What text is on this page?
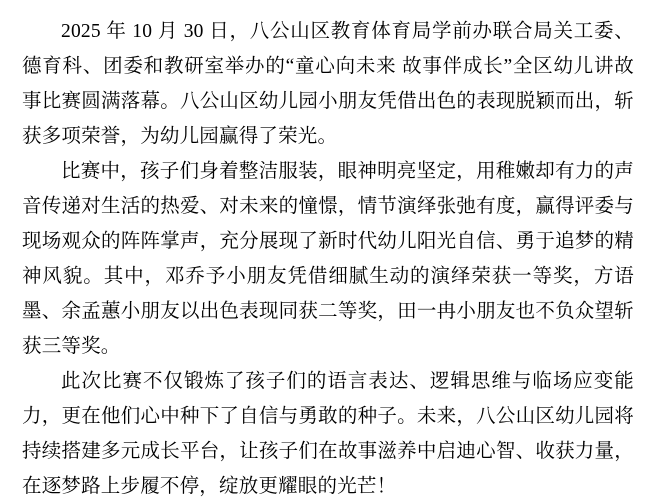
2025 年 10 月 30 日，八公山区教育体育局学前办联合局关工委、德育科、团委和教研室举办的“童心向未来 故事伴成长”全区幼儿讲故事比赛圆满落幕。八公山区幼儿园小朋友凭借出色的表现脱颖而出，斩获多项荣誉，为幼儿园赢得了荣光。

比赛中，孩子们身着整洁服装，眼神明亮坚定，用稚嫩却有力的声音传递对生活的热爱、对未来的憧憬，情节演绎张弛有度，赢得评委与现场观众的阵阵掌声，充分展现了新时代幼儿阳光自信、勇于追梦的精神风貌。其中，邓乔予小朋友凭借细腻生动的演绎荣获一等奖，方语墨、余孟蕙小朋友以出色表现同获二等奖，田一冉小朋友也不负众望斩获三等奖。

此次比赛不仅锻炼了孩子们的语言表达、逻辑思维与临场应变能力，更在他们心中种下了自信与勇敢的种子。未来，八公山区幼儿园将持续搭建多元成长平台，让孩子们在故事滋养中启迪心智、收获力量，在逐梦路上步履不停，绽放更耀眼的光芒！
